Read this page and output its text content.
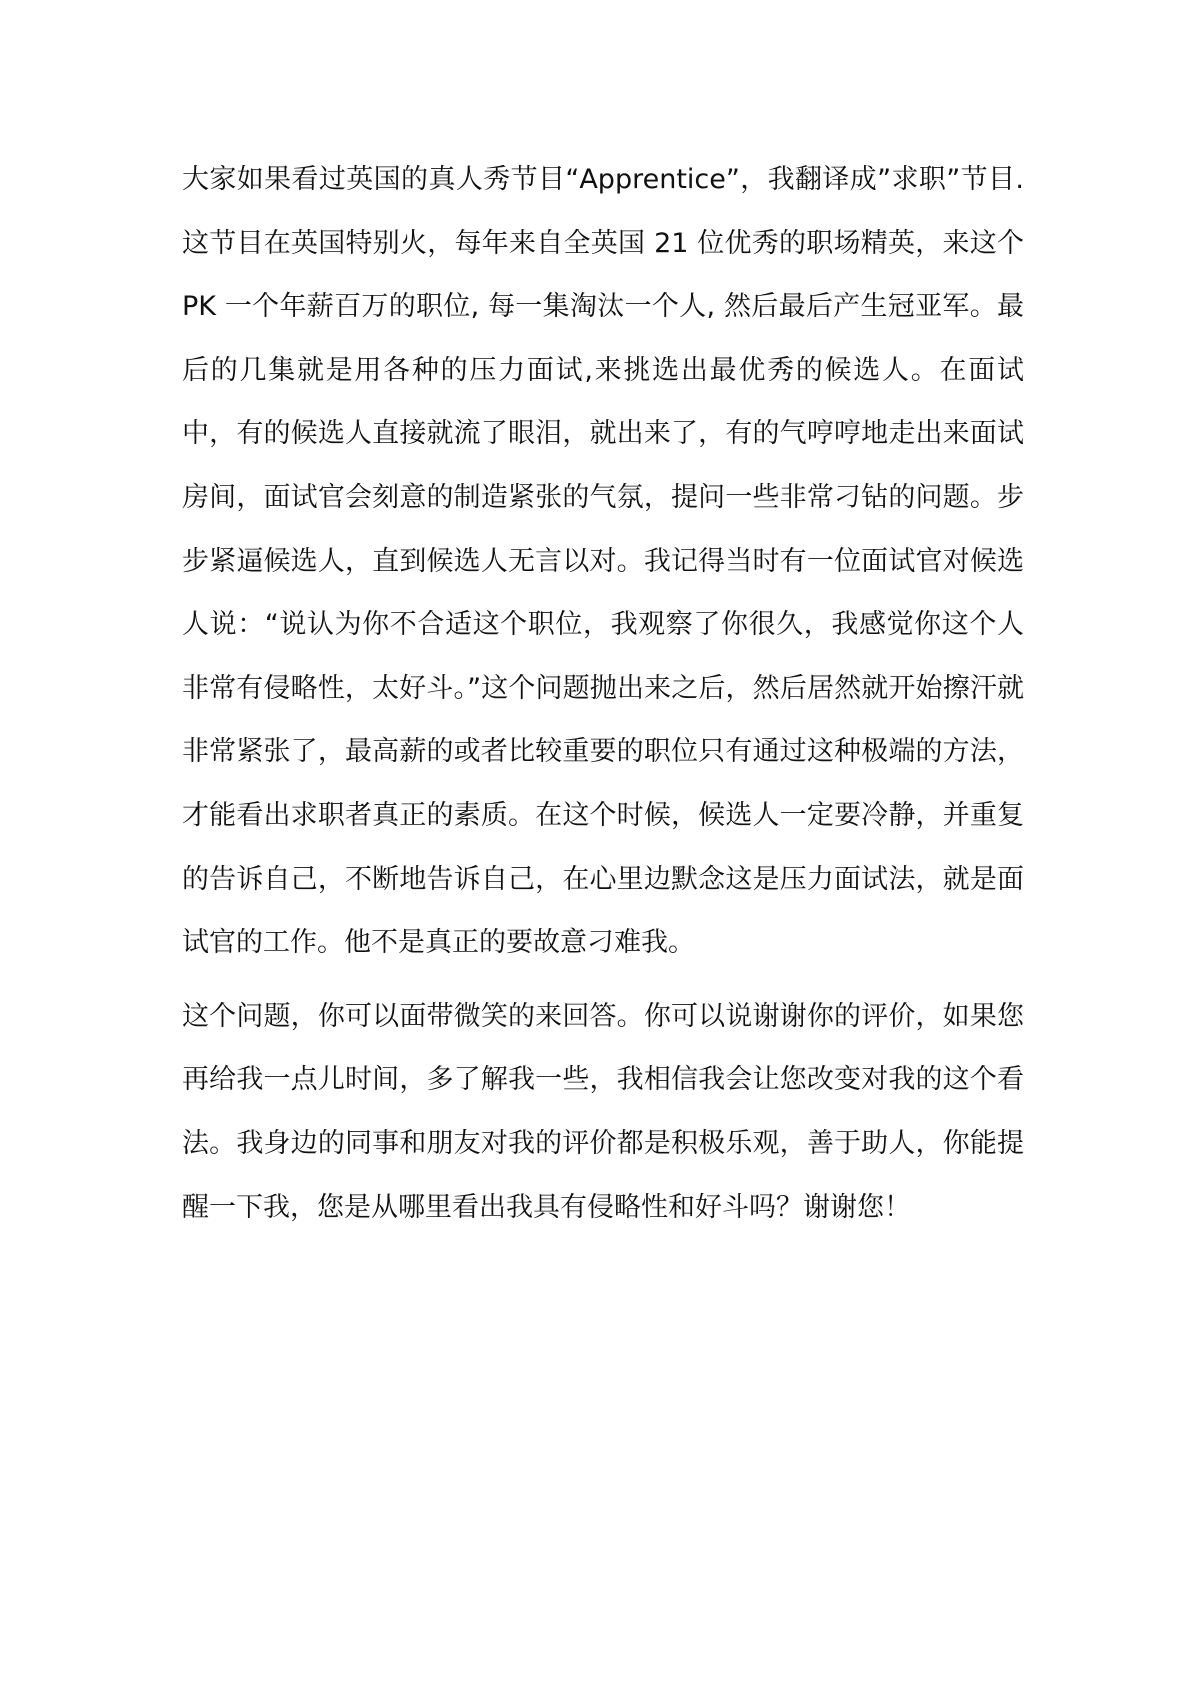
大家如果看过英国的真人秀节目“Apprentice”，我翻译成”求职”节目.这节目在英国特别火，每年来自全英国 21 位优秀的职场精英，来这个 PK 一个年薪百万的职位, 每一集淘汰一个人, 然后最后产生冠亚军。最后的几集就是用各种的压力面试,来挑选出最优秀的候选人。在面试中，有的候选人直接就流了眼泪，就出来了，有的气哼哼地走出来面试房间，面试官会刻意的制造紧张的气氛，提问一些非常刁钻的问题。步步紧逼候选人，直到候选人无言以对。我记得当时有一位面试官对候选人说：“说认为你不合适这个职位，我观察了你很久，我感觉你这个人非常有侵略性，太好斗。”这个问题抛出来之后，然后居然就开始擦汗就非常紧张了，最高薪的或者比较重要的职位只有通过这种极端的方法，才能看出求职者真正的素质。在这个时候，候选人一定要冷静，并重复的告诉自己，不断地告诉自己，在心里边默念这是压力面试法，就是面试官的工作。他不是真正的要故意刁难我。

这个问题，你可以面带微笑的来回答。你可以说谢谢你的评价，如果您再给我一点儿时间，多了解我一些，我相信我会让您改变对我的这个看法。我身边的同事和朋友对我的评价都是积极乐观，善于助人，你能提醒一下我，您是从哪里看出我具有侵略性和好斗吗？谢谢您！
